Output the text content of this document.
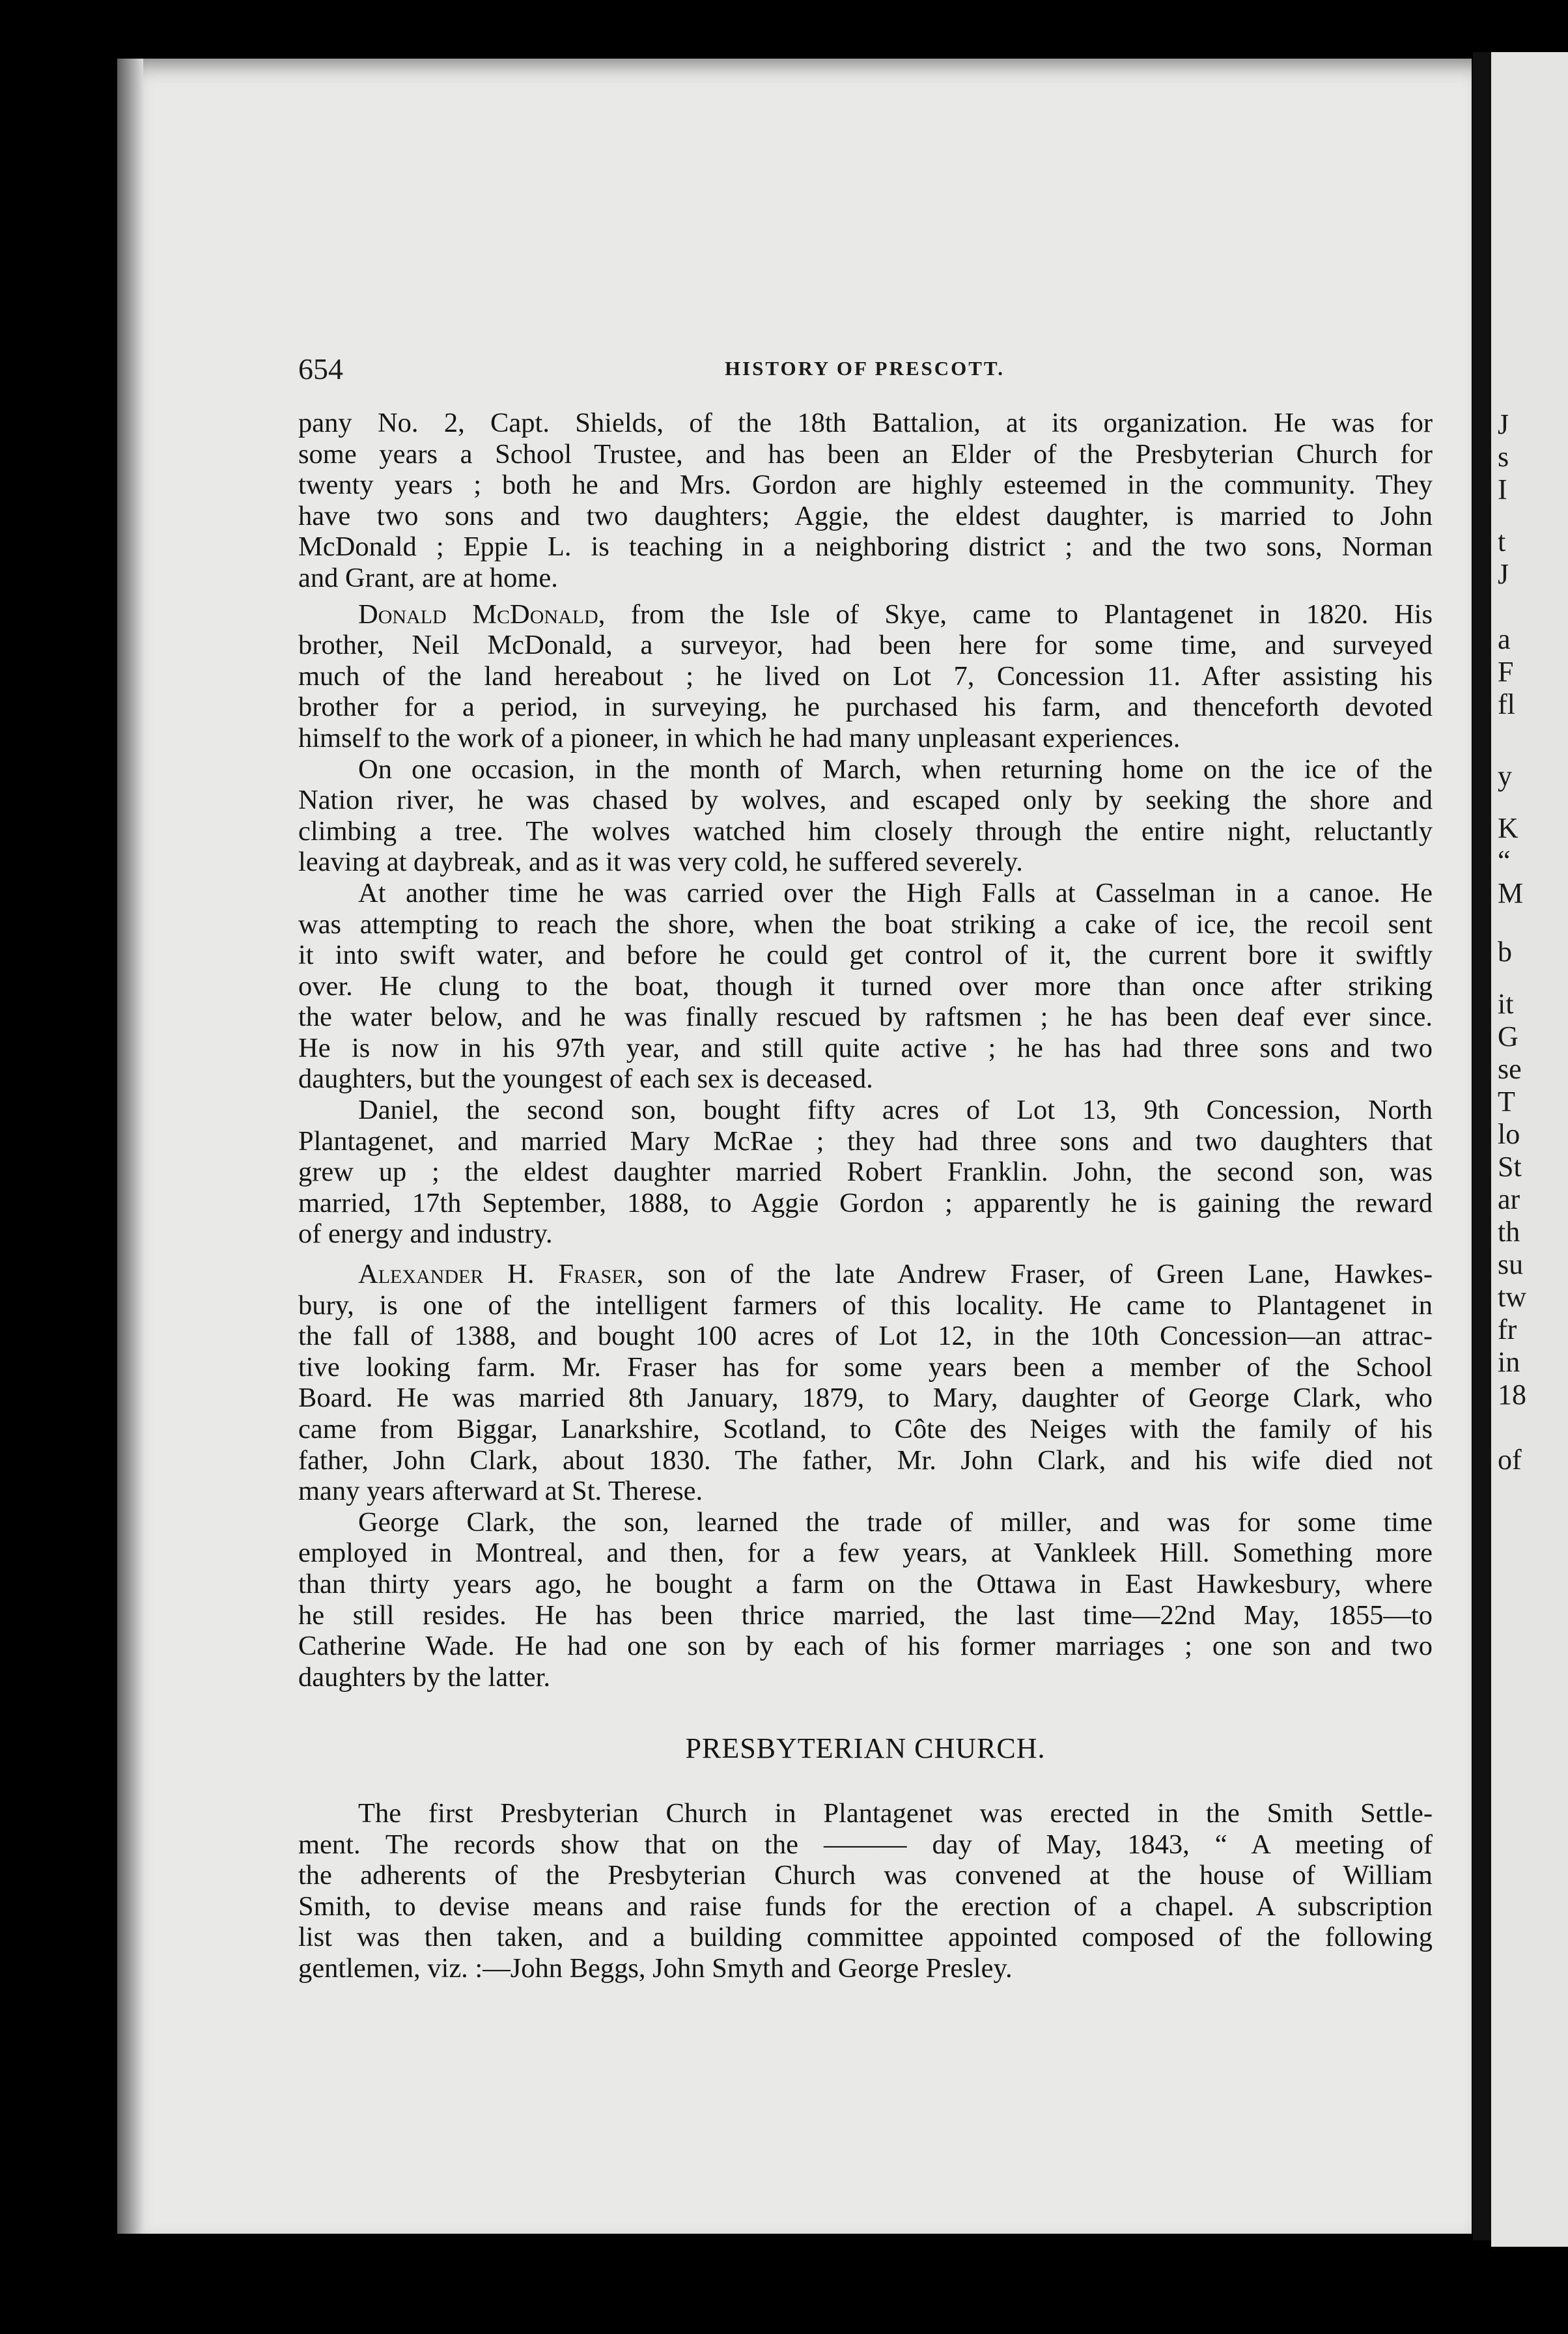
J
s
I
t
J
a
F
fl
y
K
“
M
b
it
G
se
T
lo
St
ar
th
su
tw
fr
in
18
of
654	HISTORY OF PRESCOTT.
pany No. 2, Capt. Shields, of the 18th Battalion, at its organization. He was for
some years a School Trustee, and has been an Elder of the Presbyterian Church for
twenty years ; both he and Mrs. Gordon are highly esteemed in the community. They
have two sons and two daughters; Aggie, the eldest daughter, is married to John
McDonald ; Eppie L. is teaching in a neighboring district ; and the two sons, Norman
and Grant, are at home.
Donald McDonald, from the Isle of Skye, came to Plantagenet in 1820. His
brother, Neil McDonald, a surveyor, had been here for some time, and surveyed
much of the land hereabout ; he lived on Lot 7, Concession 11. After assisting his
brother for a period, in surveying, he purchased his farm, and thenceforth devoted
himself to the work of a pioneer, in which he had many unpleasant experiences.
On one occasion, in the month of March, when returning home on the ice of the
Nation river, he was chased by wolves, and escaped only by seeking the shore and
climbing a tree. The wolves watched him closely through the entire night, reluctantly
leaving at daybreak, and as it was very cold, he suffered severely.
At another time he was carried over the High Falls at Casselman in a canoe. He
was attempting to reach the shore, when the boat striking a cake of ice, the recoil sent
it into swift water, and before he could get control of it, the current bore it swiftly
over. He clung to the boat, though it turned over more than once after striking
the water below, and he was finally rescued by raftsmen ; he has been deaf ever since.
He is now in his 97th year, and still quite active ; he has had three sons and two
daughters, but the youngest of each sex is deceased.
Daniel, the second son, bought fifty acres of Lot 13, 9th Concession, North
Plantagenet, and married Mary McRae ; they had three sons and two daughters that
grew up ; the eldest daughter married Robert Franklin. John, the second son, was
married, 17th September, 1888, to Aggie Gordon ; apparently he is gaining the reward
of energy and industry.
Alexander H. Fraser, son of the late Andrew Fraser, of Green Lane, Hawkes-
bury, is one of the intelligent farmers of this locality. He came to Plantagenet in
the fall of 1388, and bought 100 acres of Lot 12, in the 10th Concession—an attrac-
tive looking farm. Mr. Fraser has for some years been a member of the School
Board. He was married 8th January, 1879, to Mary, daughter of George Clark, who
came from Biggar, Lanarkshire, Scotland, to Côte des Neiges with the family of his
father, John Clark, about 1830. The father, Mr. John Clark, and his wife died not
many years afterward at St. Therese.
George Clark, the son, learned the trade of miller, and was for some time
employed in Montreal, and then, for a few years, at Vankleek Hill. Something more
than thirty years ago, he bought a farm on the Ottawa in East Hawkesbury, where
he still resides. He has been thrice married, the last time—22nd May, 1855—to
Catherine Wade. He had one son by each of his former marriages ; one son and two
daughters by the latter.
PRESBYTERIAN CHURCH.
The first Presbyterian Church in Plantagenet was erected in the Smith Settle-
ment. The records show that on the ——— day of May, 1843, “ A meeting of
the adherents of the Presbyterian Church was convened at the house of William
Smith, to devise means and raise funds for the erection of a chapel. A subscription
list was then taken, and a building committee appointed composed of the following
gentlemen, viz. :—John Beggs, John Smyth and George Presley.
